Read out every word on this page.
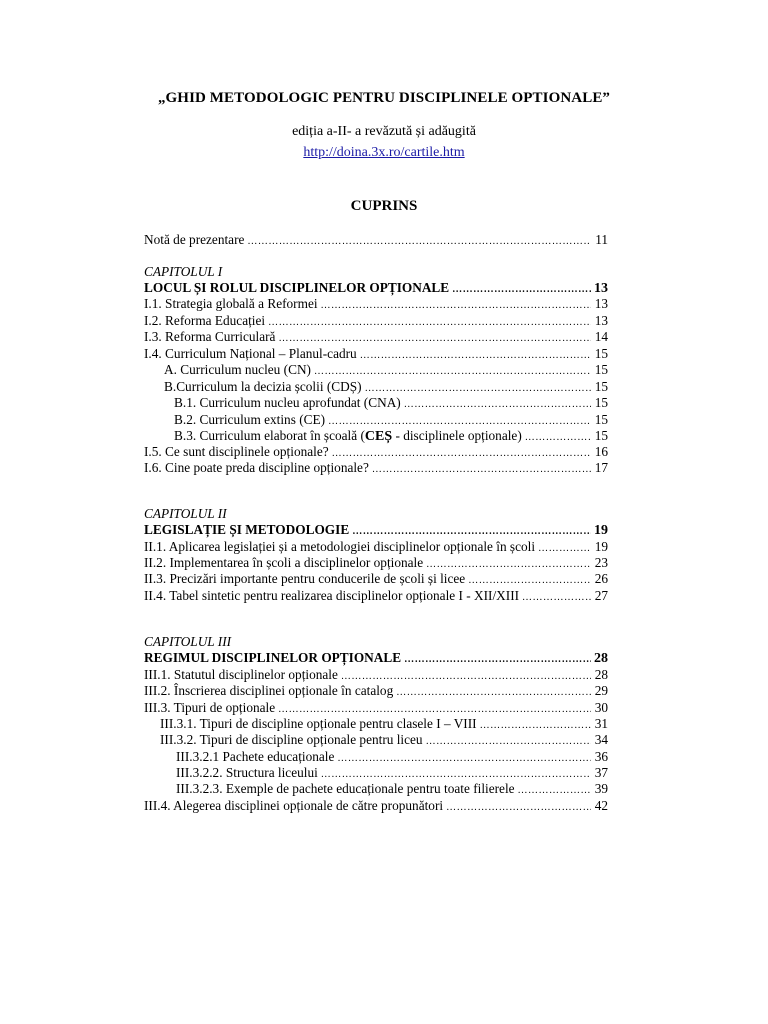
„GHID METODOLOGIC PENTRU DISCIPLINELE OPTIONALE”
ediția a-II- a revăzută și adăugită
http://doina.3x.ro/cartile.htm
CUPRINS
Notă de prezentare …………………………………………………………………………………………………………………………………………………………	11
CAPITOLUL I
LOCUL ȘI ROLUL DISCIPLINELOR OPȚIONALE …………………………………………………………………………………………………………………………………………………………	13
I.1. Strategia globală a Reformei …………………………………………………………………………………………………………………………………………………………	13
I.2. Reforma Educației …………………………………………………………………………………………………………………………………………………………	13
I.3. Reforma Curriculară …………………………………………………………………………………………………………………………………………………………	14
I.4. Curriculum Național – Planul-cadru …………………………………………………………………………………………………………………………………………………………	15
A. Curriculum nucleu (CN) …………………………………………………………………………………………………………………………………………………………	15
B.Curriculum la decizia școlii (CDȘ) …………………………………………………………………………………………………………………………………………………………	15
B.1. Curriculum nucleu aprofundat (CNA) …………………………………………………………………………………………………………………………………………………………	15
B.2. Curriculum extins (CE) …………………………………………………………………………………………………………………………………………………………	15
B.3. Curriculum elaborat în școală (CEȘ - disciplinele opționale) …………………………………………………………………………………………………………………………………………………………	15
I.5. Ce sunt disciplinele opționale? …………………………………………………………………………………………………………………………………………………………	16
I.6. Cine poate preda discipline opționale? …………………………………………………………………………………………………………………………………………………………	17
CAPITOLUL II
LEGISLAȚIE ȘI METODOLOGIE …………………………………………………………………………………………………………………………………………………………	19
II.1. Aplicarea legislației și a metodologiei disciplinelor opționale în școli …………………………………………………………………………………………………………………………………………………………	19
II.2. Implementarea în școli a disciplinelor opționale …………………………………………………………………………………………………………………………………………………………	23
II.3. Precizări importante pentru conducerile de școli și licee …………………………………………………………………………………………………………………………………………………………	26
II.4. Tabel sintetic pentru realizarea disciplinelor opționale I - XII/XIII …………………………………………………………………………………………………………………………………………………………	27
CAPITOLUL III
REGIMUL DISCIPLINELOR OPȚIONALE …………………………………………………………………………………………………………………………………………………………	28
III.1. Statutul disciplinelor opționale …………………………………………………………………………………………………………………………………………………………	28
III.2. Înscrierea disciplinei opționale în catalog …………………………………………………………………………………………………………………………………………………………	29
III.3. Tipuri de opționale …………………………………………………………………………………………………………………………………………………………	30
III.3.1. Tipuri de discipline opționale pentru clasele I – VIII …………………………………………………………………………………………………………………………………………………………	31
III.3.2. Tipuri de discipline opționale pentru liceu …………………………………………………………………………………………………………………………………………………………	34
III.3.2.1 Pachete educaționale …………………………………………………………………………………………………………………………………………………………	36
III.3.2.2. Structura liceului …………………………………………………………………………………………………………………………………………………………	37
III.3.2.3. Exemple de pachete educaționale pentru toate filierele …………………………………………………………………………………………………………………………………………………………	39
III.4. Alegerea disciplinei opționale de către propunători …………………………………………………………………………………………………………………………………………………………	42
